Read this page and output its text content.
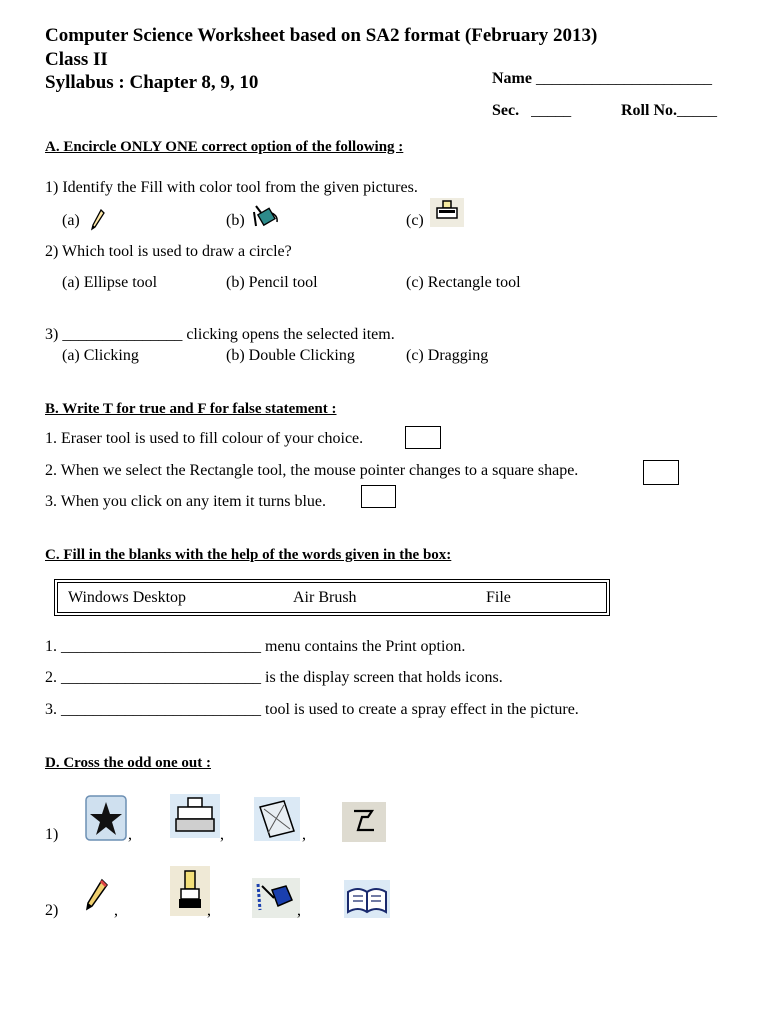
Computer Science Worksheet based on SA2 format (February 2013)
Class II
Syllabus : Chapter 8, 9, 10	Name ______________________
Sec. _____	Roll No._____
A. Encircle ONLY ONE correct option of the following :
1) Identify the Fill with color tool from the given pictures.
(a)	(b)	(c)
2) Which tool is used to draw a circle?
(a) Ellipse tool	(b) Pencil tool	(c) Rectangle tool
3) _______________ clicking opens the selected item.
(a) Clicking	(b) Double Clicking	(c) Dragging
B. Write T for true and F for false statement :
1. Eraser tool is used to fill colour of your choice.
2. When we select the Rectangle tool, the mouse pointer changes to a square shape.
3. When you click on any item it turns blue.
C. Fill in the blanks with the help of the words given in the box:
Windows Desktop	Air Brush	File
1. _________________________ menu contains the Print option.
2. _________________________ is the display screen that holds icons.
3. _________________________ tool is used to create a spray effect in the picture.
D. Cross the odd one out :
1)	,	,	,
2)	,	,	,
